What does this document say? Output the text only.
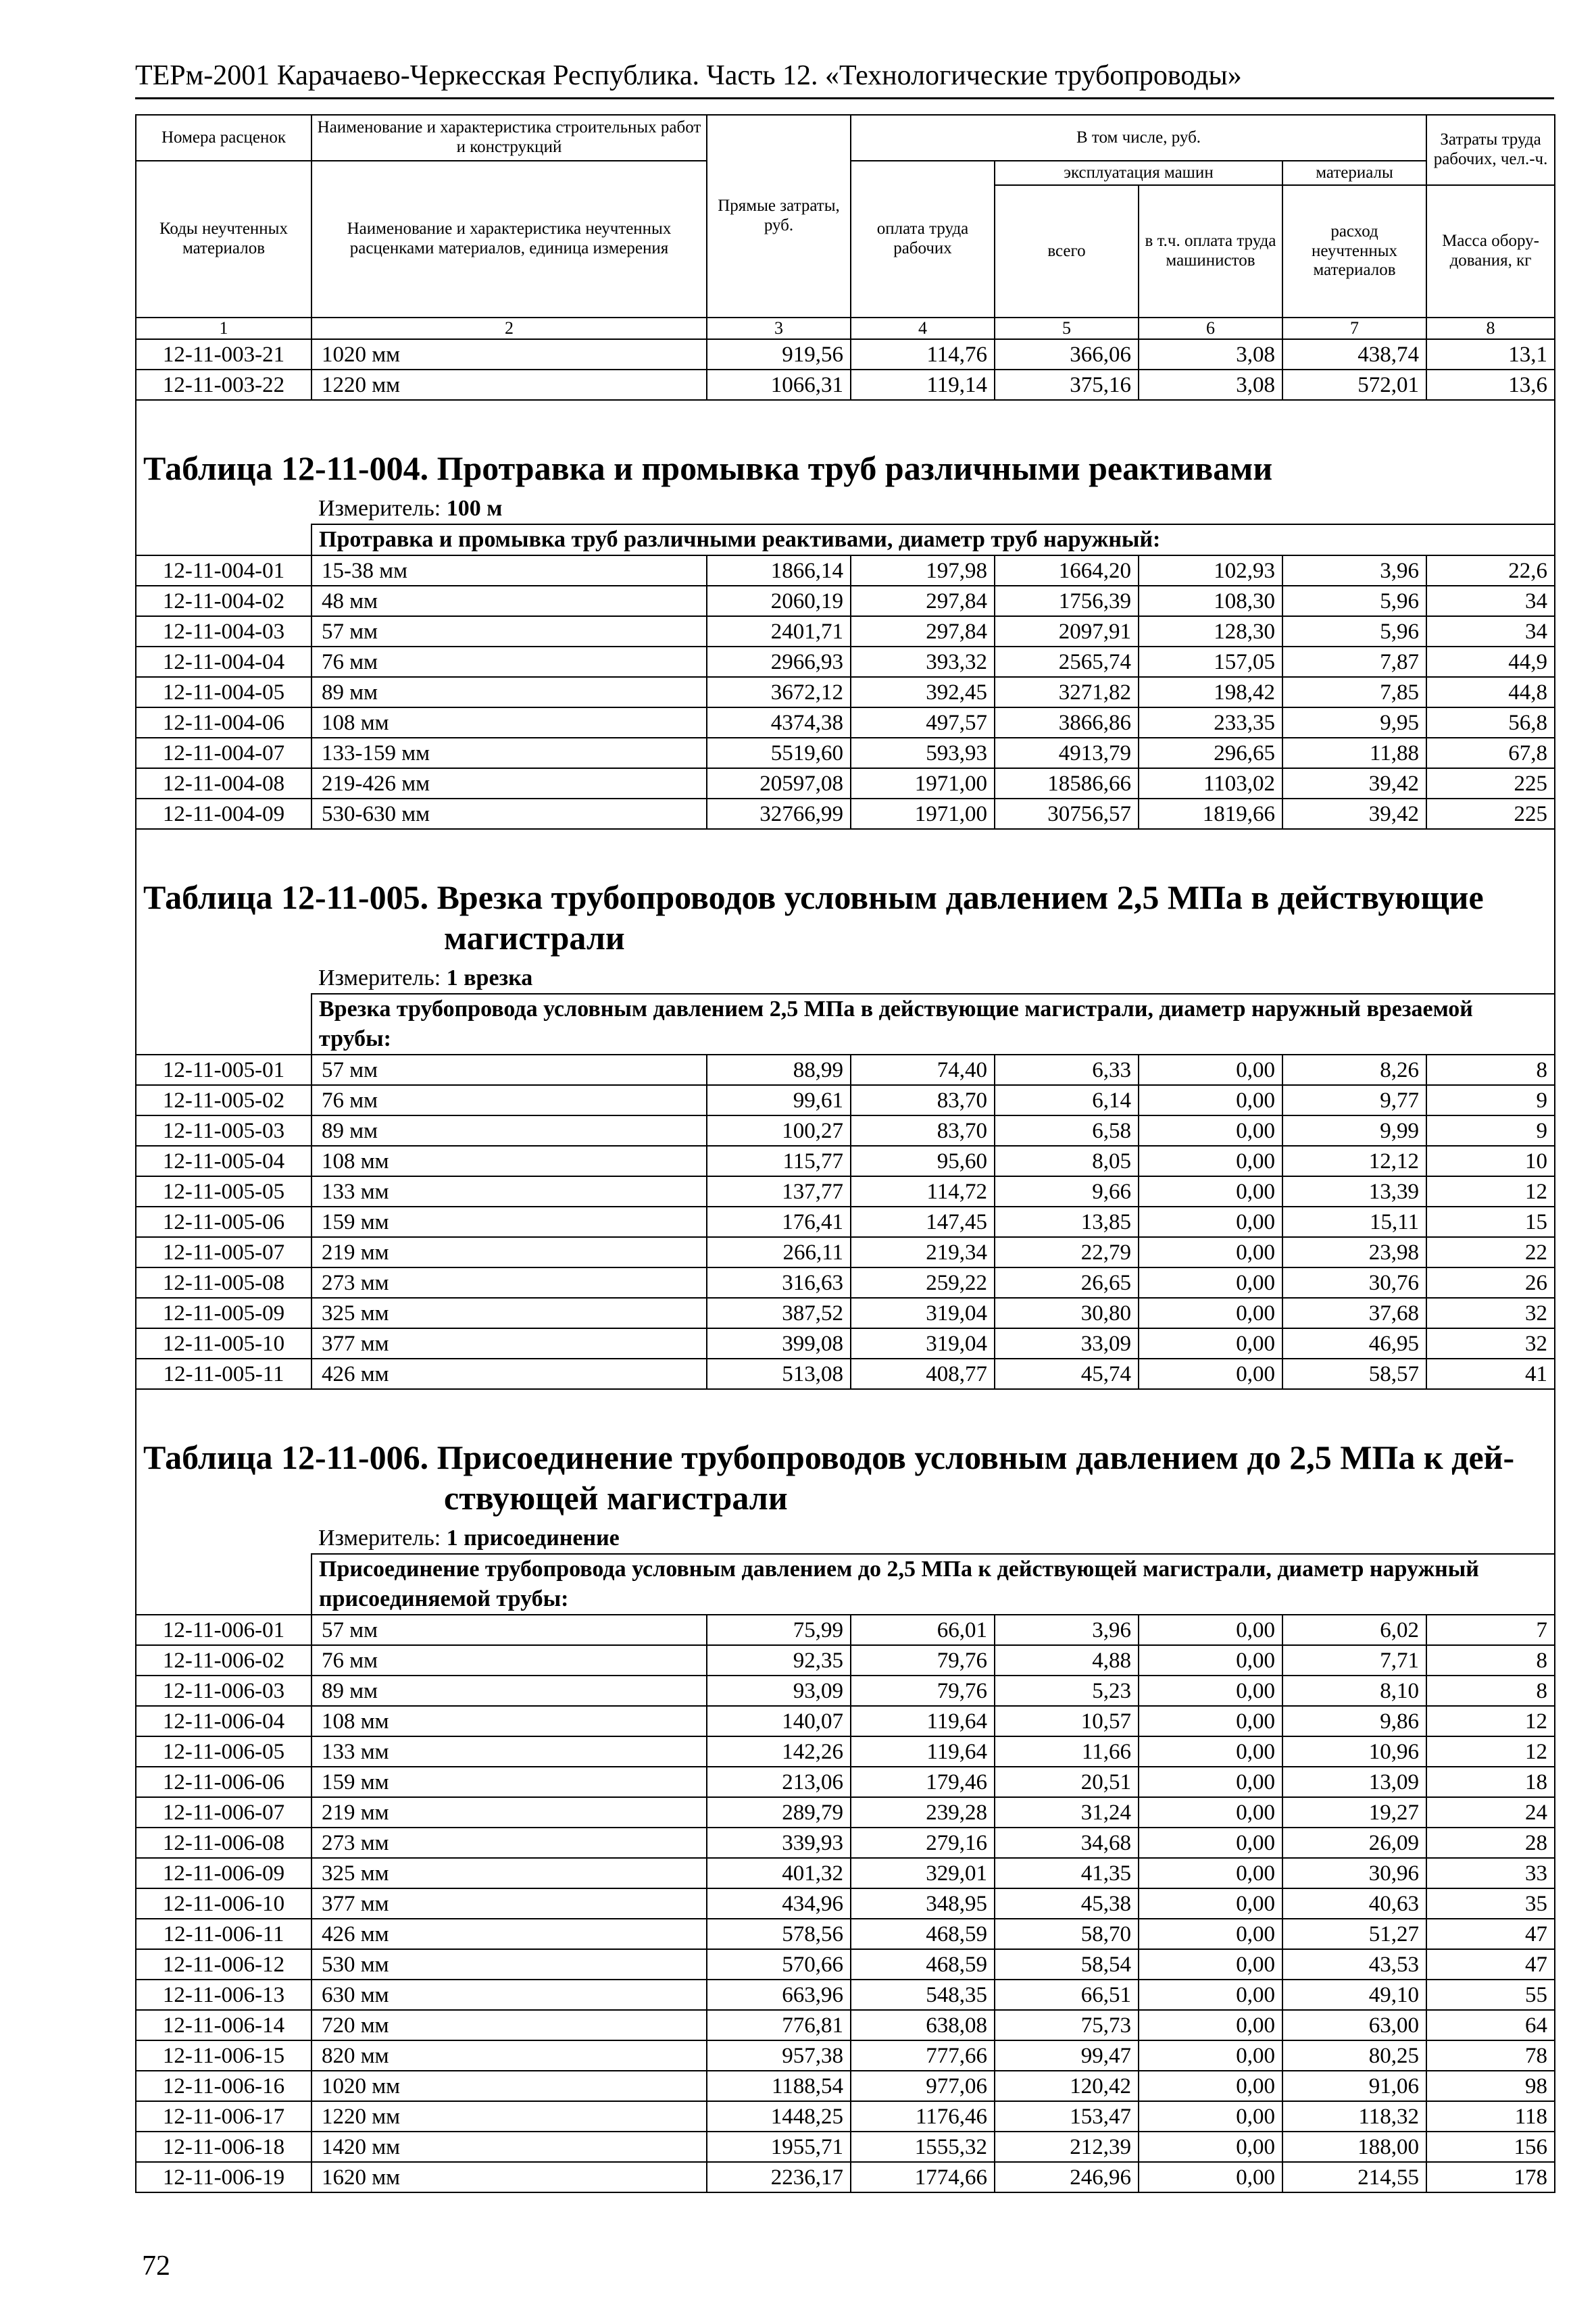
ТЕРм-2001 Карачаево-Черкесская Республика. Часть 12. «Технологические трубопроводы»
Номера расценок	Наименование и характеристика строительных работ и конструкций	Прямые затраты, руб.	В том числе, руб.				Затраты труда рабочих, чел.-ч.
Коды неучтенных материалов	Наименование и характеристика неучтенных расценками материалов, единица измерения		оплата труда рабочих	эксплуатация машин		материалы	
				всего	в т.ч. оплата труда машинистов	расход неучтенных материалов	Масса обору-дования, кг
1	2	3	4	5	6	7	8
12-11-003-21	1020 мм	919,56	114,76	366,06	3,08	438,74	13,1
12-11-003-22	1220 мм	1066,31	119,14	375,16	3,08	572,01	13,6

Таблица 12-11-004. Протравка и промывка труб различными реактивами							
	Измеритель: 100 м						
	Протравка и промывка труб различными реактивами, диаметр труб наружный:						
12-11-004-01	15-38 мм	1866,14	197,98	1664,20	102,93	3,96	22,6
12-11-004-02	48 мм	2060,19	297,84	1756,39	108,30	5,96	34
12-11-004-03	57 мм	2401,71	297,84	2097,91	128,30	5,96	34
12-11-004-04	76 мм	2966,93	393,32	2565,74	157,05	7,87	44,9
12-11-004-05	89 мм	3672,12	392,45	3271,82	198,42	7,85	44,8
12-11-004-06	108 мм	4374,38	497,57	3866,86	233,35	9,95	56,8
12-11-004-07	133-159 мм	5519,60	593,93	4913,79	296,65	11,88	67,8
12-11-004-08	219-426 мм	20597,08	1971,00	18586,66	1103,02	39,42	225
12-11-004-09	530-630 мм	32766,99	1971,00	30756,57	1819,66	39,42	225

Таблица 12-11-005. Врезка трубопроводов условным давлением 2,5 МПа в действующие
магистрали							

	Измеритель: 1 врезка						
	Врезка трубопровода условным давлением 2,5 МПа в действующие магистрали, диаметр наружный врезаемой трубы:						
12-11-005-01	57 мм	88,99	74,40	6,33	0,00	8,26	8
12-11-005-02	76 мм	99,61	83,70	6,14	0,00	9,77	9
12-11-005-03	89 мм	100,27	83,70	6,58	0,00	9,99	9
12-11-005-04	108 мм	115,77	95,60	8,05	0,00	12,12	10
12-11-005-05	133 мм	137,77	114,72	9,66	0,00	13,39	12
12-11-005-06	159 мм	176,41	147,45	13,85	0,00	15,11	15
12-11-005-07	219 мм	266,11	219,34	22,79	0,00	23,98	22
12-11-005-08	273 мм	316,63	259,22	26,65	0,00	30,76	26
12-11-005-09	325 мм	387,52	319,04	30,80	0,00	37,68	32
12-11-005-10	377 мм	399,08	319,04	33,09	0,00	46,95	32
12-11-005-11	426 мм	513,08	408,77	45,74	0,00	58,57	41

Таблица 12-11-006. Присоединение трубопроводов условным давлением до 2,5 МПа к дей-
ствующей магистрали							

	Измеритель: 1 присоединение						
	Присоединение трубопровода условным давлением до 2,5 МПа к действующей магистрали, диаметр наружный присоединяемой трубы:						
12-11-006-01	57 мм	75,99	66,01	3,96	0,00	6,02	7
12-11-006-02	76 мм	92,35	79,76	4,88	0,00	7,71	8
12-11-006-03	89 мм	93,09	79,76	5,23	0,00	8,10	8
12-11-006-04	108 мм	140,07	119,64	10,57	0,00	9,86	12
12-11-006-05	133 мм	142,26	119,64	11,66	0,00	10,96	12
12-11-006-06	159 мм	213,06	179,46	20,51	0,00	13,09	18
12-11-006-07	219 мм	289,79	239,28	31,24	0,00	19,27	24
12-11-006-08	273 мм	339,93	279,16	34,68	0,00	26,09	28
12-11-006-09	325 мм	401,32	329,01	41,35	0,00	30,96	33
12-11-006-10	377 мм	434,96	348,95	45,38	0,00	40,63	35
12-11-006-11	426 мм	578,56	468,59	58,70	0,00	51,27	47
12-11-006-12	530 мм	570,66	468,59	58,54	0,00	43,53	47
12-11-006-13	630 мм	663,96	548,35	66,51	0,00	49,10	55
12-11-006-14	720 мм	776,81	638,08	75,73	0,00	63,00	64
12-11-006-15	820 мм	957,38	777,66	99,47	0,00	80,25	78
12-11-006-16	1020 мм	1188,54	977,06	120,42	0,00	91,06	98
12-11-006-17	1220 мм	1448,25	1176,46	153,47	0,00	118,32	118
12-11-006-18	1420 мм	1955,71	1555,32	212,39	0,00	188,00	156
12-11-006-19	1620 мм	2236,17	1774,66	246,96	0,00	214,55	178
72
